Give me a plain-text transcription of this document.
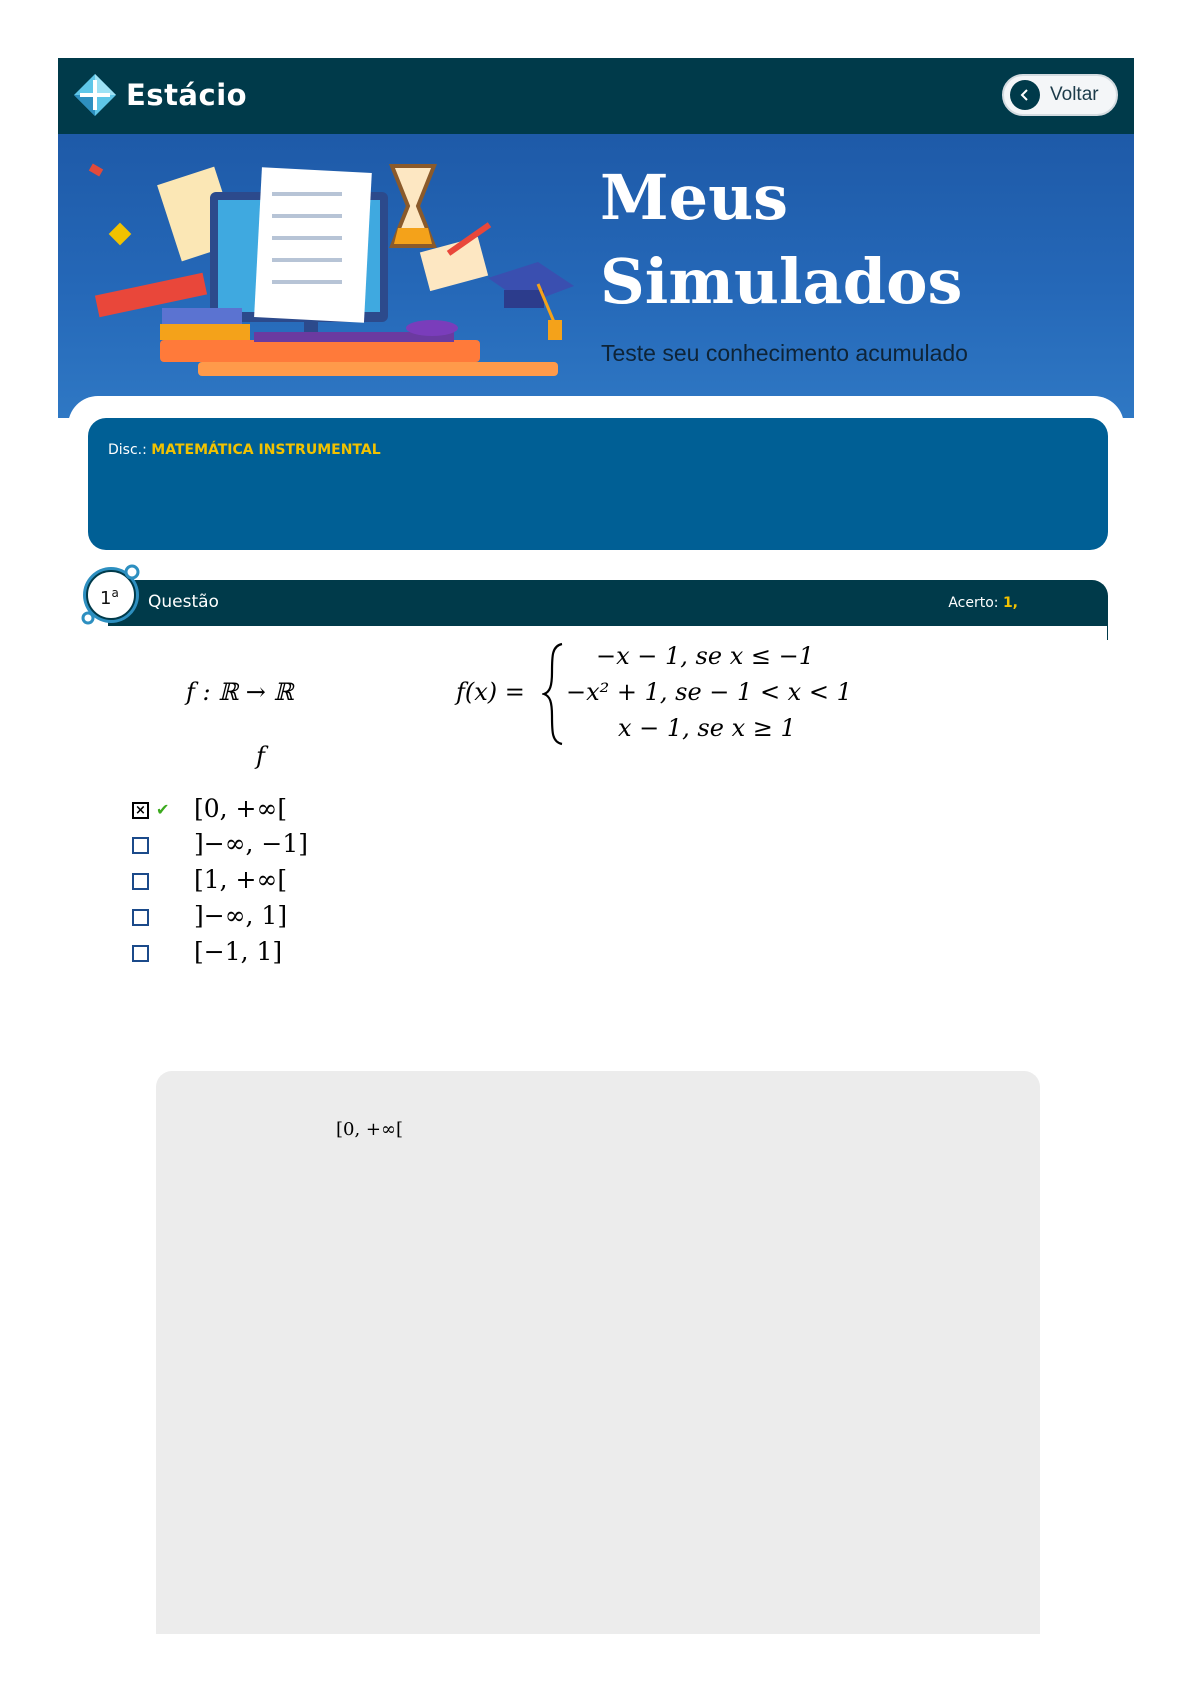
Estácio	Voltar
Meus
Simulados
Teste seu conhecimento acumulado
Disc.: MATEMÁTICA INSTRUMENTAL
Questão	Acerto: 1,
1$^a$
f : ℝ → ℝ	f(x) =
−x − 1, se x ≤ −1
−x² + 1, se − 1 < x < 1
x − 1, se x ≥ 1
f
× ✔ [0, +∞[
]−∞, −1]
[1, +∞[
]−∞, 1]
[−1, 1]
[0, +∞[
